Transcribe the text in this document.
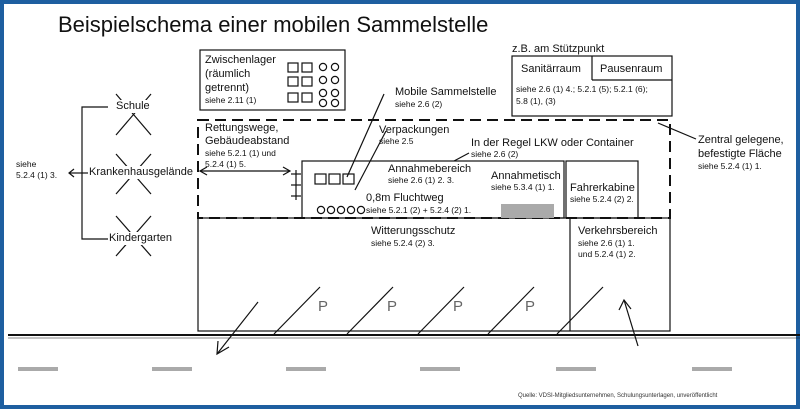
Beispielschema einer mobilen Sammelstelle
Zwischenlager
(räumlich
getrennt)
siehe 2.11 (1)
z.B. am Stützpunkt
Sanitärraum Pausenraum
siehe 2.6 (1) 4.; 5.2.1 (5); 5.2.1 (6);
5.8 (1), (3)
Mobile Sammelstelle
siehe 2.6 (2)
Verpackungen
siehe 2.5	In der Regel LKW oder Container
siehe 2.6 (2)
Zentral gelegene,
befestigte Fläche
siehe 5.2.4 (1) 1.
Rettungswege,
Gebäudeabstand
siehe 5.2.1 (1) und
5.2.4 (1) 5.
siehe
5.2.4 (1) 3.
Schule
Krankenhausgelände
Kindergarten
Annahmebereich
siehe 2.6 (1) 2. 3.	Annahmetisch
siehe 5.3.4 (1) 1. Fahrerkabine
siehe 5.2.4 (2) 2.
0,8m Fluchtweg
siehe 5.2.1 (2) + 5.2.4 (2) 1.
Witterungsschutz
siehe 5.2.4 (2) 3.
Verkehrsbereich
siehe 2.6 (1) 1.
und 5.2.4 (1) 2.
P	P	P	P
Quelle: VDSI-Mitgliedsunternehmen, Schulungsunterlagen, unveröffentlicht
